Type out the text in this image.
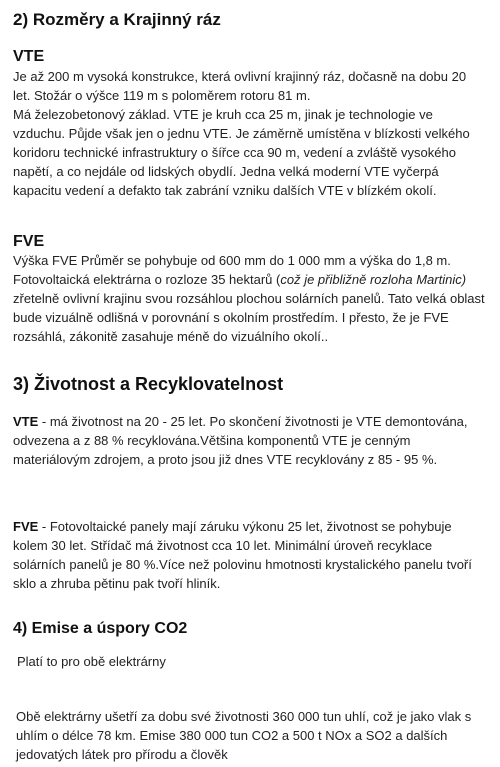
2) Rozměry a Krajinný ráz
VTE

Je až 200 m vysoká konstrukce, která ovlivní krajinný ráz, dočasně na dobu 20 let. Stožár o výšce 119 m s poloměrem rotoru 81 m.

Má železobetonový základ. VTE je kruh cca 25 m, jinak je technologie ve vzduchu. Půjde však jen o jednu VTE. Je záměrně umístěna v blízkosti velkého koridoru technické infrastruktury o šířce cca 90 m, vedení a zvláště vysokého napětí, a co nejdále od lidských obydlí. Jedna velká moderní VTE vyčerpá kapacitu vedení a defakto tak zabrání vzniku dalších VTE v blízkém okolí.

FVE

Výška FVE Průměr se pohybuje od 600 mm do 1 000 mm a výška do 1,8 m.

Fotovoltaická elektrárna o rozloze 35 hektarů (což je přibližně rozloha Martinic) zřetelně ovlivní krajinu svou rozsáhlou plochou solárních panelů. Tato velká oblast bude vizuálně odlišná v porovnání s okolním prostředím. I přesto, že je FVE rozsáhlá, zákonitě zasahuje méně do vizuálního okolí..

3) Životnost a Recyklovatelnost

VTE - má životnost na 20 - 25 let. Po skončení životnosti je VTE demontována, odvezena a z 88 % recyklována.Většina komponentů VTE je cenným materiálovým zdrojem, a proto jsou již dnes VTE recyklovány z 85 - 95 %.

FVE - Fotovoltaické panely mají záruku výkonu 25 let, životnost se pohybuje kolem 30 let. Střídač má životnost cca 10 let. Minimální úroveň recyklace solárních panelů je 80 %.Více než polovinu hmotnosti krystalického panelu tvoří sklo a zhruba pětinu pak tvoří hliník.

4) Emise a úspory CO2

Platí to pro obě elektrárny

Obě elektrárny ušetří za dobu své životnosti 360 000 tun uhlí, což je jako vlak s uhlím o délce 78 km. Emise 380 000 tun CO2 a 500 t NOx a SO2 a dalších jedovatých látek pro přírodu a člověk
